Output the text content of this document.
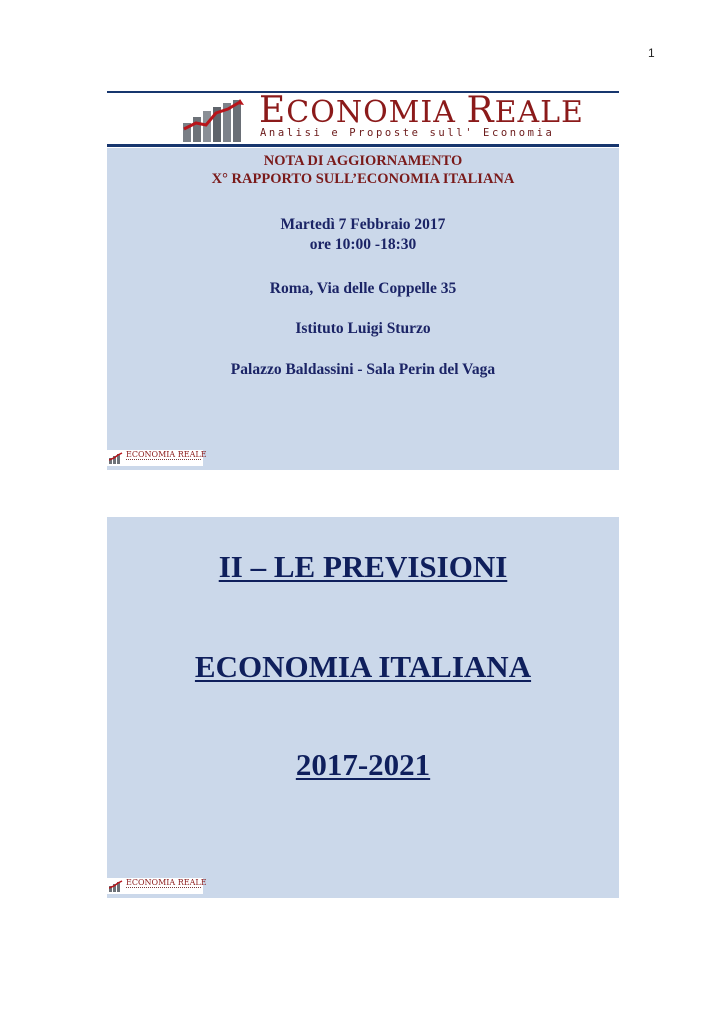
1
ECONOMIA REALE
Analisi e Proposte sull' Economia
NOTA DI AGGIORNAMENTO
X° RAPPORTO SULL’ECONOMIA ITALIANA
Martedì 7 Febbraio 2017
ore 10:00 -18:30
Roma, Via delle Coppelle 35
Istituto Luigi Sturzo
Palazzo Baldassini - Sala Perin del Vaga
ECONOMIA REALE
II – LE PREVISIONI
ECONOMIA ITALIANA
2017-2021
ECONOMIA REALE
